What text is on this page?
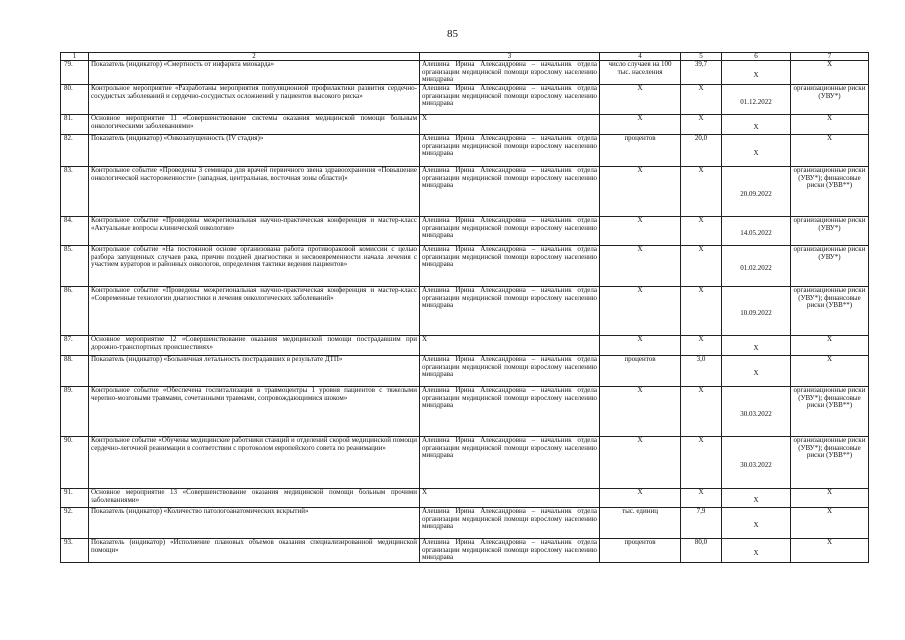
85
1	2	3	4	5	6	7
79.	Показатель (индикатор) «Смертность от инфаркта миокарда»	Алешина Ирина Александровна – начальник отдела организации медицинской помощи взрослому населению минздрава	число случаев на 100 тыс. населения	39,7	X	X
80.	Контрольное мероприятие «Разработаны мероприятия популяционной профилактики развития сердечно-сосудистых заболеваний и сердечно-сосудистых осложнений у пациентов высокого риска»	Алешина Ирина Александровна – начальник отдела организации медицинской помощи взрослому населению минздрава	X	X	01.12.2022	организационные риски (УВУ*)
81.	Основное мероприятие 11 «Совершенствование системы оказания медицинской помощи больным онкологическими заболеваниями»	X	X	X	X	X
82.	Показатель (индикатор) «Онкозапущенность (IV стадия)»	Алешина Ирина Александровна – начальник отдела организации медицинской помощи взрослому населению минздрава	процентов	20,0	X	X
83.	Контрольное событие «Проведены 3 семинара для врачей первичного звена здравоохранения «Повышение онкологической настороженности» (западная, центральная, восточная зоны области)»	Алешина Ирина Александровна – начальник отдела организации медицинской помощи взрослому населению минздрава	X	X	20.09.2022	организационные риски (УВУ*); финансовые риски (УВВ**)
84.	Контрольное событие «Проведены межрегиональная научно-практическая конференция и мастер-класс «Актуальные вопросы клинической онкологии»	Алешина Ирина Александровна – начальник отдела организации медицинской помощи взрослому населению минздрава	X	X	14.05.2022	организационные риски (УВУ*)
85.	Контрольное событие «На постоянной основе организована работа противораковой комиссии с целью разбора запущенных случаев рака, причин поздней диагностики и несвоевременности начала лечения с участием кураторов и районных онкологов, определения тактики ведения пациентов»	Алешина Ирина Александровна – начальник отдела организации медицинской помощи взрослому населению минздрава	X	X	01.02.2022	организационные риски (УВУ*)
86.	Контрольное событие «Проведены межрегиональная научно-практическая конференция и мастер-класс «Современные технологии диагностики и лечения онкологических заболеваний»	Алешина Ирина Александровна – начальник отдела организации медицинской помощи взрослому населению минздрава	X	X	10.09.2022	организационные риски (УВУ*); финансовые риски (УВВ**)
87.	Основное мероприятие 12 «Совершенствование оказания медицинской помощи пострадавшим при дорожно-транспортных происшествиях»	X	X	X	X	X
88.	Показатель (индикатор) «Больничная летальность пострадавших в результате ДТП»	Алешина Ирина Александровна – начальник отдела организации медицинской помощи взрослому населению минздрава	процентов	3,0	X	X
89.	Контрольное событие «Обеспечена госпитализация в травмоцентры 1 уровня пациентов с тяжелыми черепно-мозговыми травмами, сочетанными травмами, сопровождающимися шоком»	Алешина Ирина Александровна – начальник отдела организации медицинской помощи взрослому населению минздрава	X	X	30.03.2022	организационные риски (УВУ*); финансовые риски (УВВ**)
90.	Контрольное событие «Обучены медицинские работники станций и отделений скорой медицинской помощи сердечно-легочной реанимации в соответствии с протоколом европейского совета по реанимации»	Алешина Ирина Александровна – начальник отдела организации медицинской помощи взрослому населению минздрава	X	X	30.03.2022	организационные риски (УВУ*); финансовые риски (УВВ**)
91.	Основное мероприятие 13 «Совершенствование оказания медицинской помощи больным прочими заболеваниями»	X	X	X	X	X
92.	Показатель (индикатор) «Количество патологоанатомических вскрытий»	Алешина Ирина Александровна – начальник отдела организации медицинской помощи взрослому населению минздрава	тыс. единиц	7,9	X	X
93.	Показатель (индикатор) «Исполнение плановых объемов оказания специализированной медицинской помощи»	Алешина Ирина Александровна – начальник отдела организации медицинской помощи взрослому населению минздрава	процентов	80,0	X	X
